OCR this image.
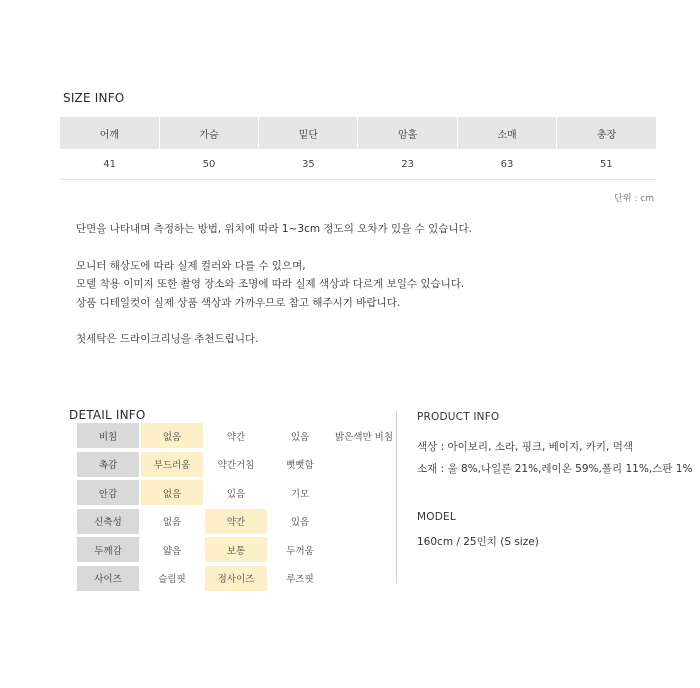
SIZE INFO
어깨	가슴	밑단	암홀	소매	총장
41	50	35	23	63	51

단위 : cm

단면을 나타내며 측정하는 방법, 위치에 따라 1~3cm 정도의 오차가 있을 수 있습니다.

모니터 해상도에 따라 실제 컬러와 다를 수 있으며,

모델 착용 이미지 또한 촬영 장소와 조명에 따라 실제 색상과 다르게 보일수 있습니다.

상품 디테일컷이 실제 상품 색상과 가까우므로 참고 해주시기 바랍니다.

첫세탁은 드라이크리닝을 추천드립니다.

DETAIL INFO
비침	없음	약간	있음	밝은색만 비침
촉감	부드러움	약간거침	뻣뻣함
안감	없음	있음	기모
신축성	없음	약간	있음
두께감	얇음	보통	두꺼움
사이즈	슬림핏	정사이즈	루즈핏
PRODUCT INFO
색상 : 아이보리, 소라, 핑크, 베이지, 카키, 먹색
소재 : 울 8%,나일론 21%,레이온 59%,폴리 11%,스판 1%
MODEL
160cm / 25인치 (S size)
